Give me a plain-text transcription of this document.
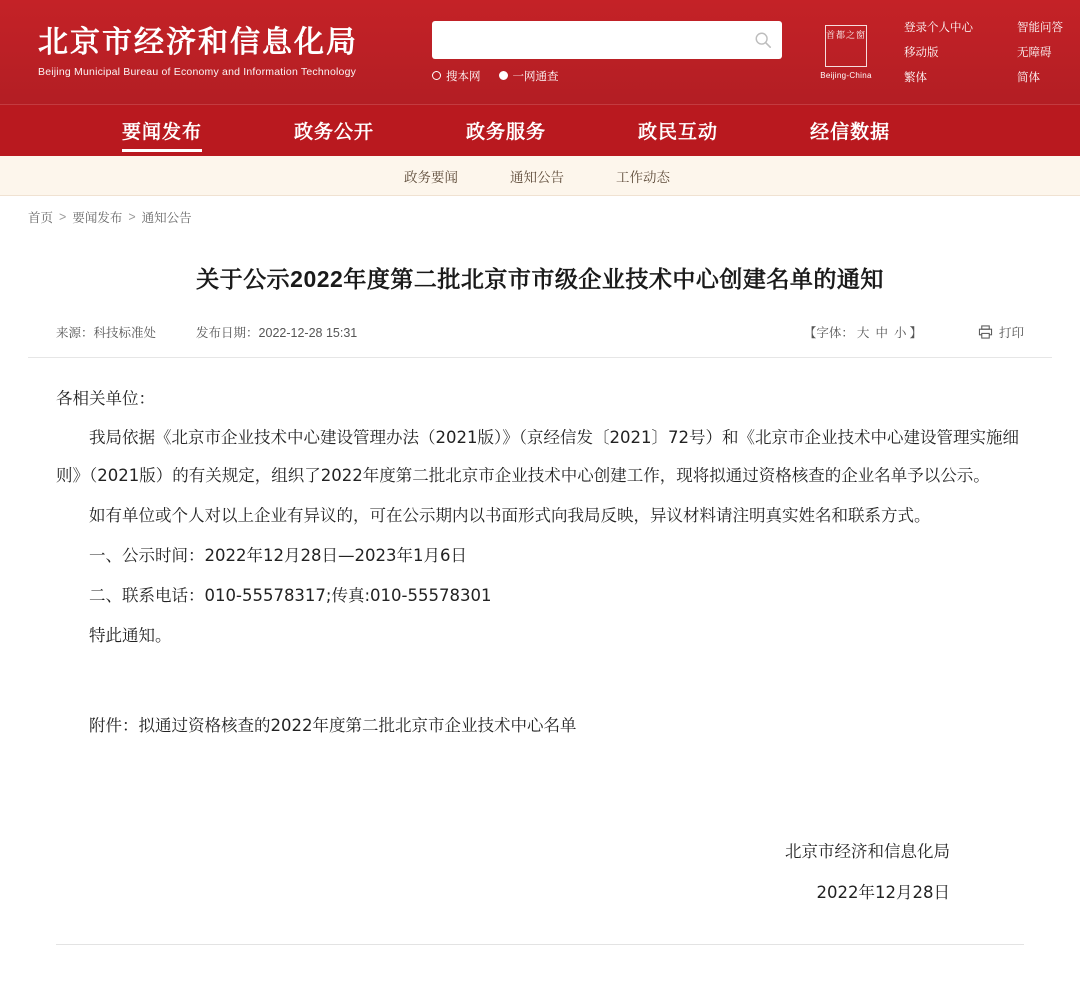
北京市经济和信息化局
Beijing Municipal Bureau of Economy and Information Technology	搜本网	一网通查
首都之窗
Beijing-China
登录个人中心
移动版
繁体
智能问答
无障碍
简体
要闻发布	政务公开	政务服务	政民互动	经信数据
政务要闻	通知公告	工作动态
首页 > 要闻发布 > 通知公告
关于公示2022年度第二批北京市市级企业技术中心创建名单的通知
来源：科技标准处	发布日期：2022-12-28 15:31	【字体： 大 中 小 】	打印

各相关单位：

我局依据《北京市企业技术中心建设管理办法（2021版）》（京经信发〔2021〕72号）和《北京市企业技术中心建设管理实施细则》（2021版）的有关规定，组织了2022年度第二批北京市企业技术中心创建工作，现将拟通过资格核查的企业名单予以公示。

如有单位或个人对以上企业有异议的，可在公示期内以书面形式向我局反映，异议材料请注明真实姓名和联系方式。

一、公示时间：2022年12月28日—2023年1月6日

二、联系电话：010-55578317;传真:010-55578301

特此通知。

附件：拟通过资格核查的2022年度第二批北京市企业技术中心名单
北京市经济和信息化局
2022年12月28日
